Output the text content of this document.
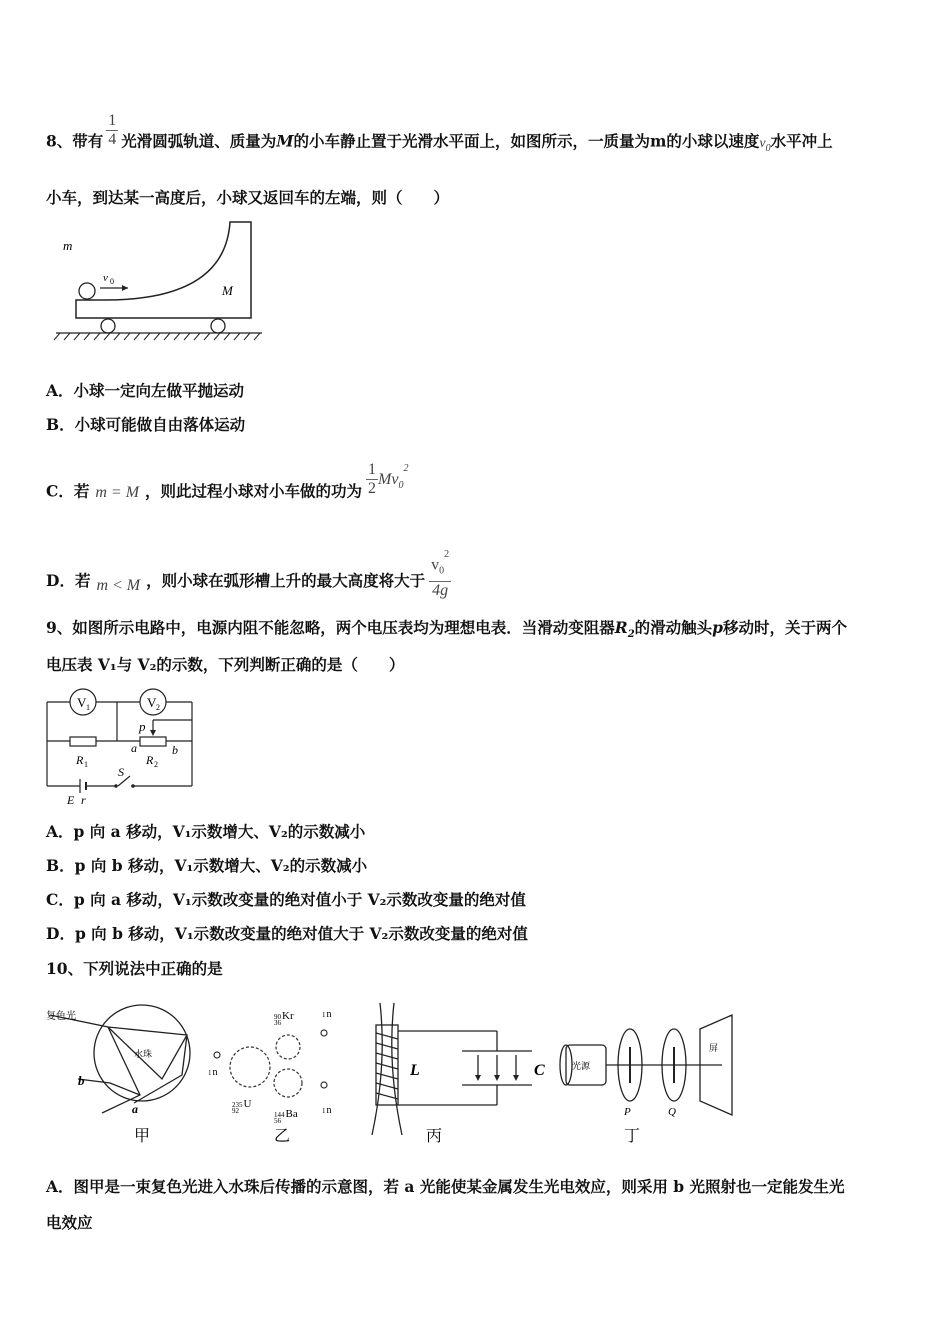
8、带有 $\frac{1}{4}$ 光滑圆弧轨道、质量为M的小车静止置于光滑水平面上，如图所示，一质量为m的小球以速度$v_0$水平冲上
小车，到达某一高度后，小球又返回车的左端，则（　　）
m
v 0
M
A．小球一定向左做平抛运动
B．小球可能做自由落体运动
C．若 m = M ，则此过程小球对小车做的功为 $\frac{1}{2} Mv_0^2$
D．若 m < M ，则小球在弧形槽上升的最大高度将大于 $\frac{v_0^2}{4g}$
9、如图所示电路中，电源内阻不能忽略，两个电压表均为理想电表．当滑动变阻器$R_2$的滑动触头p移动时，关于两个
电压表 V₁与 V₂的示数，下列判断正确的是（　　）
V 1	V 2
p
a	b
R 1	R 2
S
E r
A．p 向 a 移动，V₁示数增大、V₂的示数减小
B．p 向 b 移动，V₁示数增大、V₂的示数减小
C．p 向 a 移动，V₁示数改变量的绝对值小于 V₂示数改变量的绝对值
D．p 向 b 移动，V₁示数改变量的绝对值大于 V₂示数改变量的绝对值
10、下列说法中正确的是
复色光
水珠
b
a
甲
90Kr
36
235U
92	144Ba
56
1n
1n
1n
乙
L	C
丙
光源
屏
P	Q
丁
A．图甲是一束复色光进入水珠后传播的示意图，若 a 光能使某金属发生光电效应，则采用 b 光照射也一定能发生光
电效应
